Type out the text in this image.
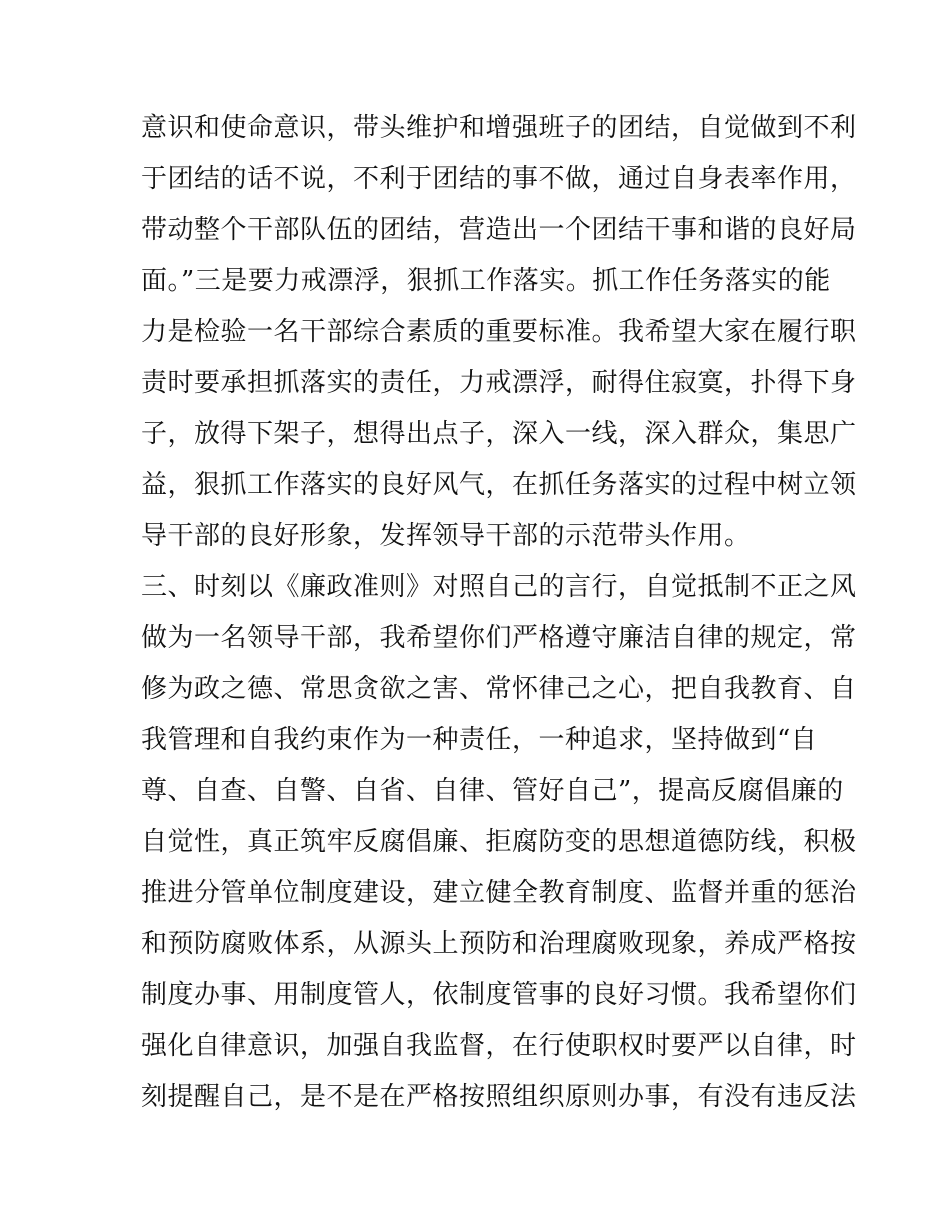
意识和使命意识，带头维护和增强班子的团结，自觉做到不利
于团结的话不说，不利于团结的事不做，通过自身表率作用，
带动整个干部队伍的团结，营造出一个团结干事和谐的良好局
面。”三是要力戒漂浮，狠抓工作落实。抓工作任务落实的能
力是检验一名干部综合素质的重要标准。我希望大家在履行职
责时要承担抓落实的责任，力戒漂浮，耐得住寂寞，扑得下身
子，放得下架子，想得出点子，深入一线，深入群众，集思广
益，狠抓工作落实的良好风气，在抓任务落实的过程中树立领
导干部的良好形象，发挥领导干部的示范带头作用。
三、时刻以《廉政准则》对照自己的言行，自觉抵制不正之风
做为一名领导干部，我希望你们严格遵守廉洁自律的规定，常
修为政之德、常思贪欲之害、常怀律己之心，把自我教育、自
我管理和自我约束作为一种责任，一种追求，坚持做到“自
尊、自查、自警、自省、自律、管好自己”，提高反腐倡廉的
自觉性，真正筑牢反腐倡廉、拒腐防变的思想道德防线，积极
推进分管单位制度建设，建立健全教育制度、监督并重的惩治
和预防腐败体系，从源头上预防和治理腐败现象，养成严格按
制度办事、用制度管人，依制度管事的良好习惯。我希望你们
强化自律意识，加强自我监督，在行使职权时要严以自律，时
刻提醒自己，是不是在严格按照组织原则办事，有没有违反法
